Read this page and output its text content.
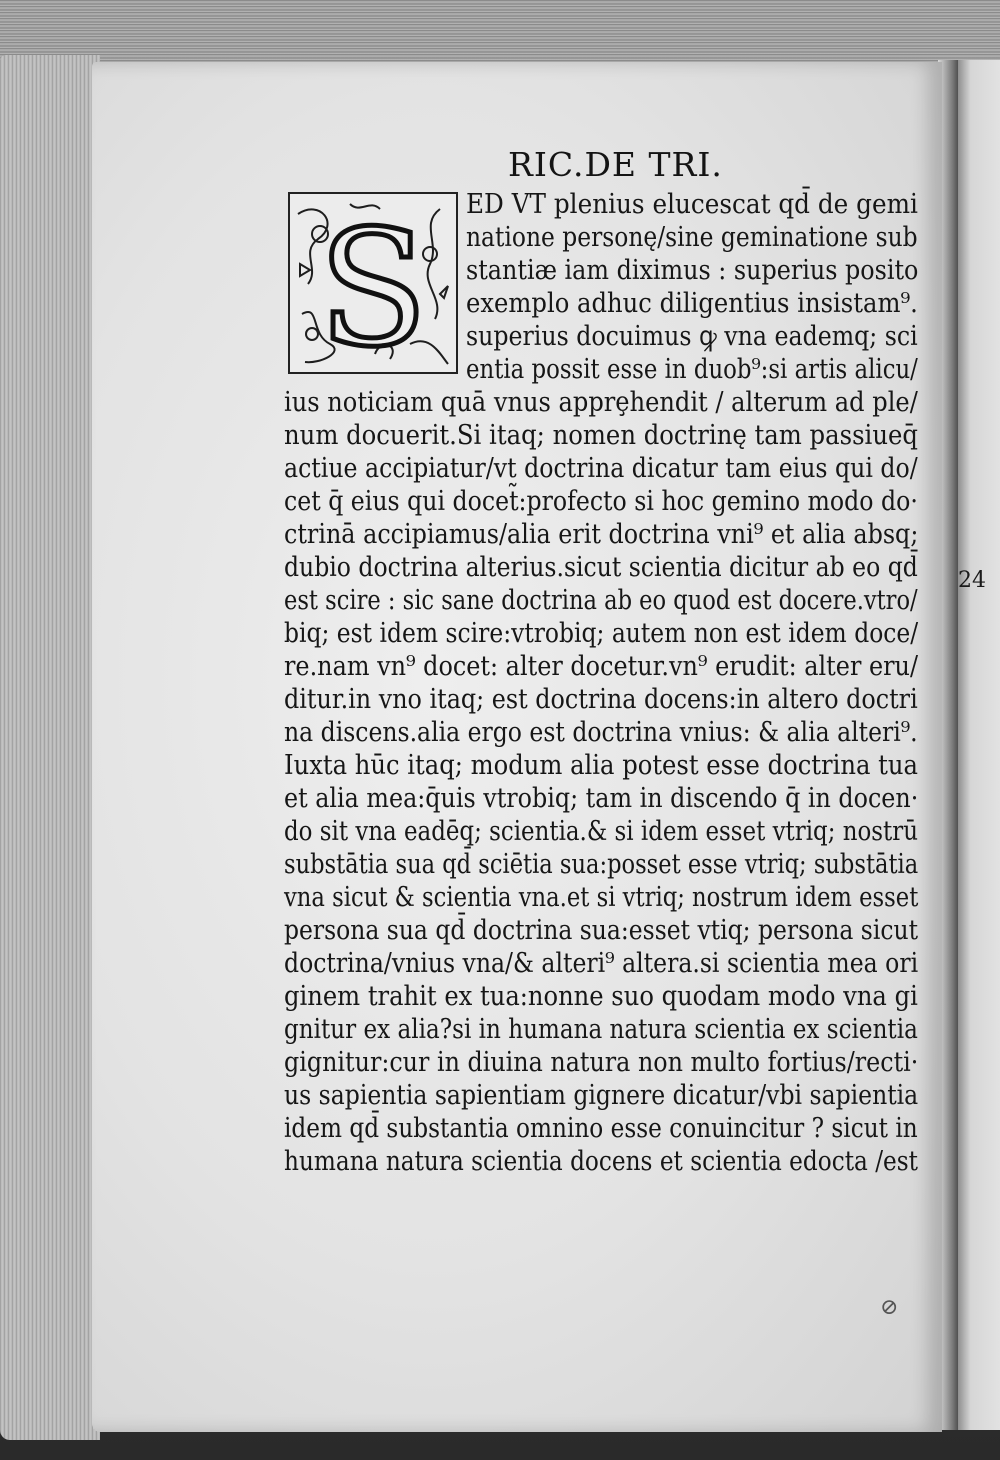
24
RIC.DE TRI.
S ED VT plenius elucescat qd̄ de gemi
natione personę/sine geminatione sub
stantiæ iam diximus : superius posito
exemplo adhuc diligentius insistam⁹.
superius docuimus ꝙ vna eademq; sci
entia possit esse in duob⁹:si artis alicu/
ius noticiam quā vnus apprȩhendit / alterum ad ple/
num docuerit.Si itaq; nomen doctrinę tam passiueq̄
actiue accipiatur/vt doctrina dicatur tam eius qui do/
cet q̄ eius qui docet̃:profecto si hoc gemino modo do·
ctrinā accipiamus/alia erit doctrina vni⁹ et alia absq;
dubio doctrina alterius.sicut scientia dicitur ab eo qd̄
est scire : sic sane doctrina ab eo quod est docere.vtro/
biq; est idem scire:vtrobiq; autem non est idem doce/
re.nam vn⁹ docet: alter docetur.vn⁹ erudit: alter eru/
ditur.in vno itaq; est doctrina docens:in altero doctri
na discens.alia ergo est doctrina vnius: & alia alteri⁹.
Iuxta hūc itaq; modum alia potest esse doctrina tua
et alia mea:q̄uis vtrobiq; tam in discendo q̄ in docen·
do sit vna eadēq; scientia.& si idem esset vtriq; nostrū
substātia sua qd̄ sciētia sua:posset esse vtriq; substātia
vna sicut & scientia vna.et si vtriq; nostrum idem esset
persona sua qd̄ doctrina sua:esset vtiq; persona sicut
doctrina/vnius vna/& alteri⁹ altera.si scientia mea ori
ginem trahit ex tua:nonne suo quodam modo vna gi
gnitur ex alia?si in humana natura scientia ex scientia
gignitur:cur in diuina natura non multo fortius/recti·
us sapientia sapientiam gignere dicatur/vbi sapientia
idem qd̄ substantia omnino esse conuincitur ? sicut in
humana natura scientia docens et scientia edocta /est
⊘
